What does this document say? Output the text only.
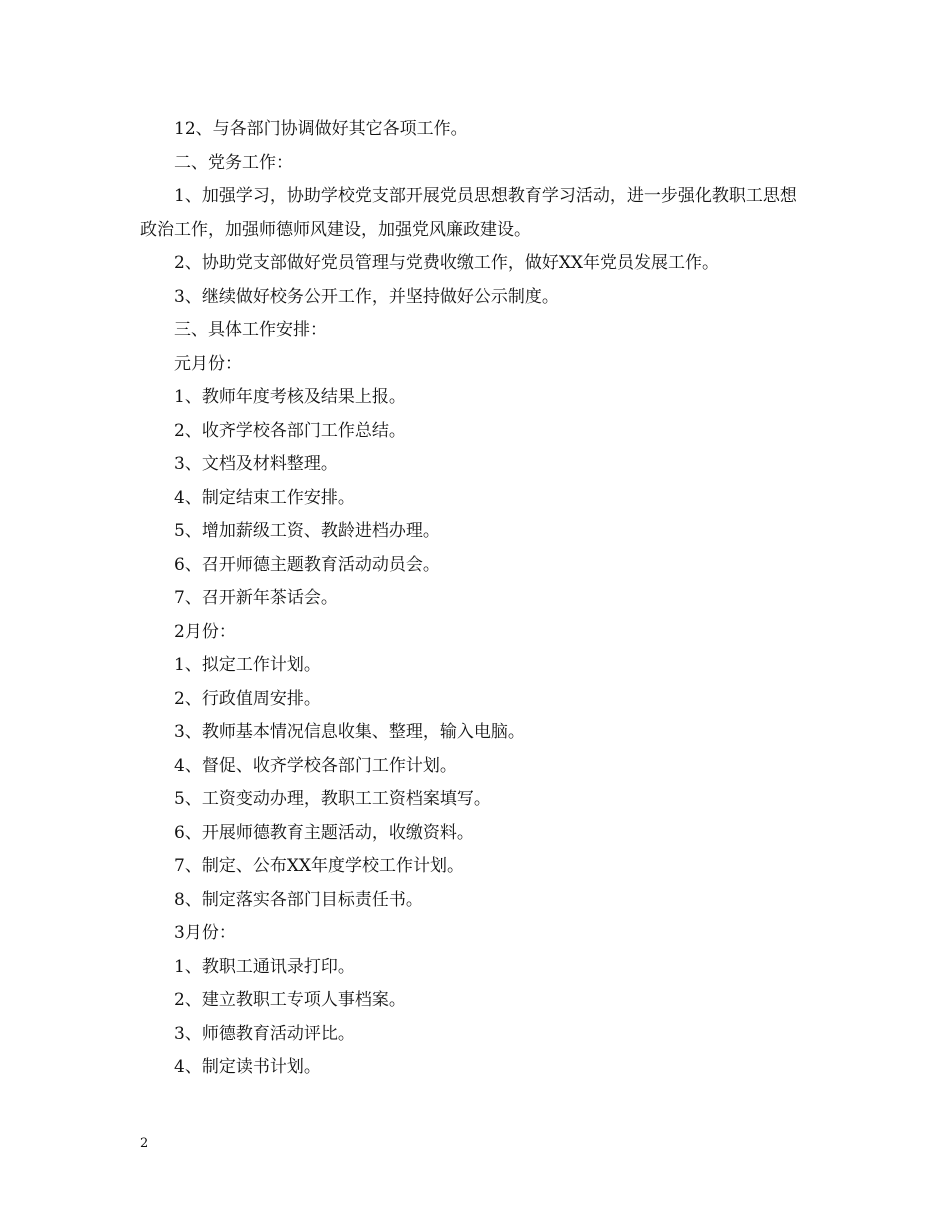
12、与各部门协调做好其它各项工作。

二、党务工作：

1、加强学习，协助学校党支部开展党员思想教育学习活动，进一步强化教职工思想政治工作，加强师德师风建设，加强党风廉政建设。

2、协助党支部做好党员管理与党费收缴工作，做好XX年党员发展工作。

3、继续做好校务公开工作，并坚持做好公示制度。

三、具体工作安排：

元月份：

1、教师年度考核及结果上报。

2、收齐学校各部门工作总结。

3、文档及材料整理。

4、制定结束工作安排。

5、增加薪级工资、教龄进档办理。

6、召开师德主题教育活动动员会。

7、召开新年茶话会。

2月份：

1、拟定工作计划。

2、行政值周安排。

3、教师基本情况信息收集、整理，输入电脑。

4、督促、收齐学校各部门工作计划。

5、工资变动办理，教职工工资档案填写。

6、开展师德教育主题活动，收缴资料。

7、制定、公布XX年度学校工作计划。

8、制定落实各部门目标责任书。

3月份：

1、教职工通讯录打印。

2、建立教职工专项人事档案。

3、师德教育活动评比。

4、制定读书计划。

2
